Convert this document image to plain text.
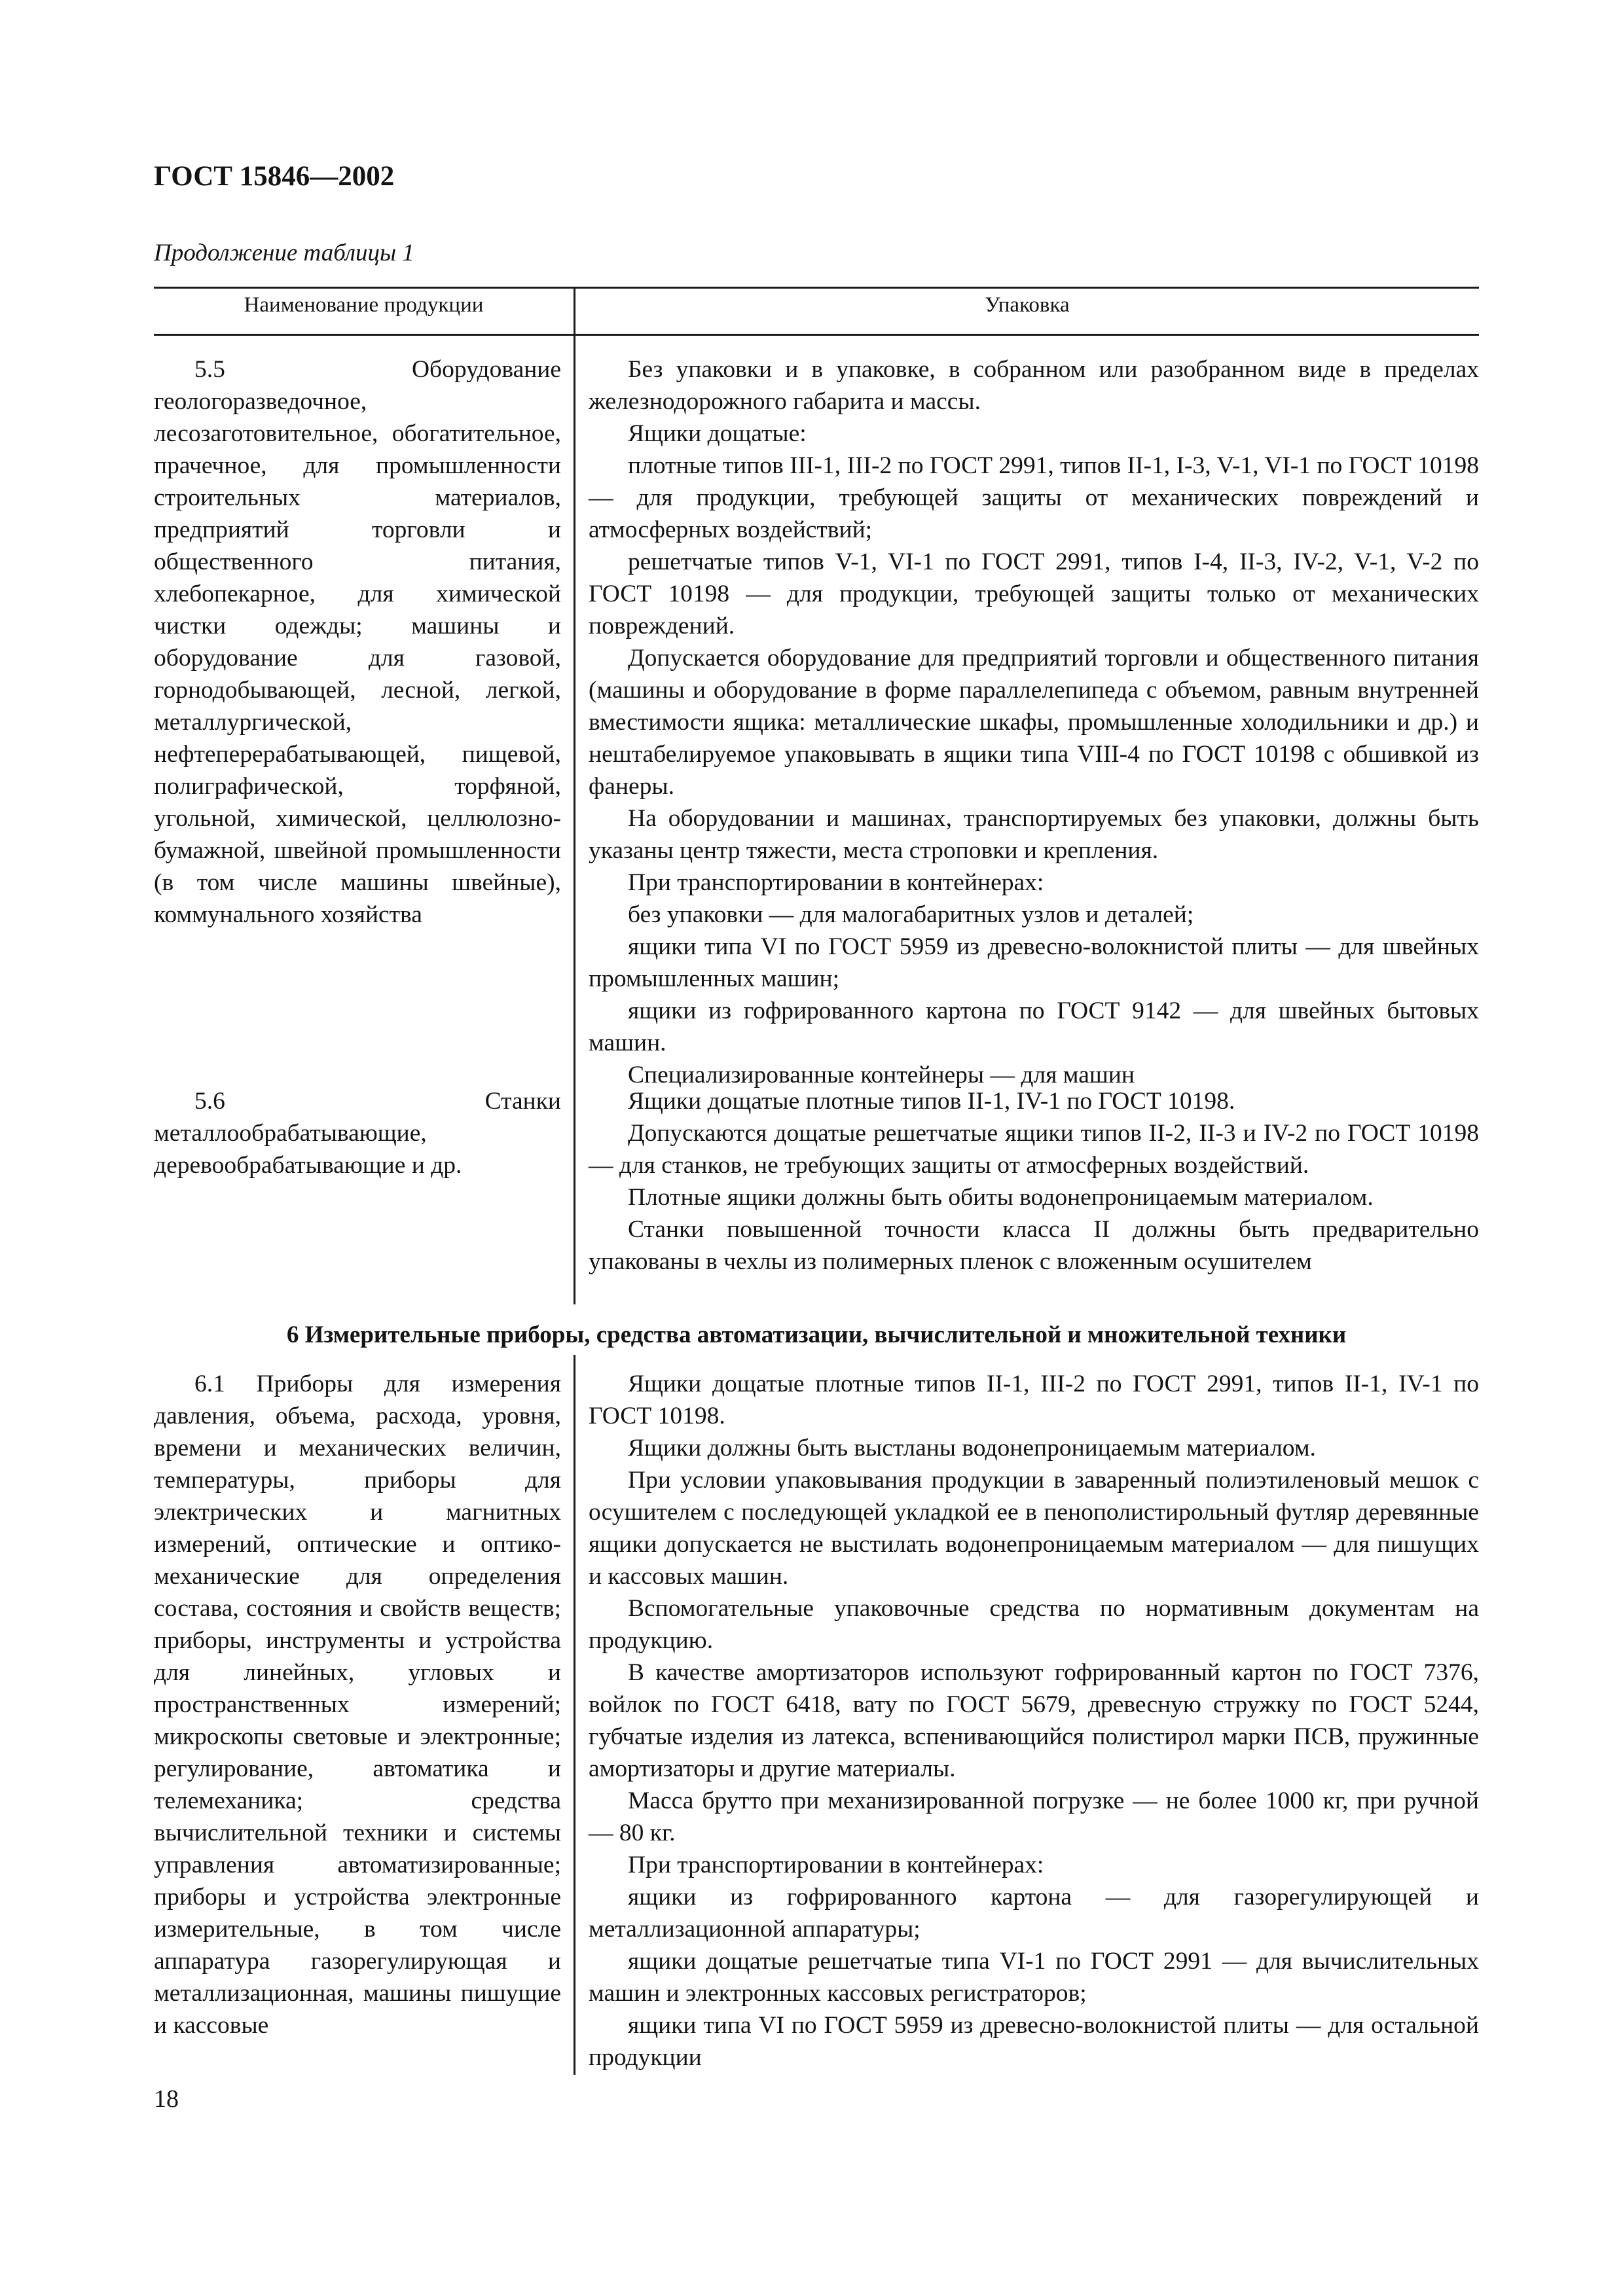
ГОСТ 15846—2002
Продолжение таблицы 1
Наименование продукции	Упаковка

5.5 Оборудование геологоразведочное, лесозаготовительное, обогатительное, прачечное, для промышленности строительных материалов, предприятий торговли и общественного питания, хлебопекарное, для химической чистки одежды; машины и оборудование для газовой, горнодобывающей, лесной, легкой, металлургической, нефтеперерабатывающей, пищевой, полиграфической, торфяной, угольной, химической, целлюлозно-бумажной, швейной промышленности (в том числе машины швейные), коммунального хозяйства

Без упаковки и в упаковке, в собранном или разобранном виде в пределах железнодорожного габарита и массы.

Ящики дощатые:

плотные типов III-1, III-2 по ГОСТ 2991, типов II-1, I-3, V-1, VI-1 по ГОСТ 10198 — для продукции, требующей защиты от механических повреждений и атмосферных воздействий;

решетчатые типов V-1, VI-1 по ГОСТ 2991, типов I-4, II-3, IV-2, V-1, V-2 по ГОСТ 10198 — для продукции, требующей защиты только от механических повреждений.

Допускается оборудование для предприятий торговли и общественного питания (машины и оборудование в форме параллелепипеда с объемом, равным внутренней вместимости ящика: металлические шкафы, промышленные холодильники и др.) и нештабелируемое упаковывать в ящики типа VIII-4 по ГОСТ 10198 с обшивкой из фанеры.

На оборудовании и машинах, транспортируемых без упаковки, должны быть указаны центр тяжести, места строповки и крепления.

При транспортировании в контейнерах:

без упаковки — для малогабаритных узлов и деталей;

ящики типа VI по ГОСТ 5959 из древесно-волокнистой плиты — для швейных промышленных машин;

ящики из гофрированного картона по ГОСТ 9142 — для швейных бытовых машин.

Специализированные контейнеры — для машин

5.6 Станки металлообрабатывающие, деревообрабатывающие и др.

Ящики дощатые плотные типов II-1, IV-1 по ГОСТ 10198.

Допускаются дощатые решетчатые ящики типов II-2, II-3 и IV-2 по ГОСТ 10198 — для станков, не требующих защиты от атмосферных воздействий.

Плотные ящики должны быть обиты водонепроницаемым материалом.

Станки повышенной точности класса II должны быть предварительно упакованы в чехлы из полимерных пленок с вложенным осушителем

6 Измерительные приборы, средства автоматизации, вычислительной и множительной техники

6.1 Приборы для измерения давления, объема, расхода, уровня, времени и механических величин, температуры, приборы для электрических и магнитных измерений, оптические и оптико-механические для определения состава, состояния и свойств веществ; приборы, инструменты и устройства для линейных, угловых и пространственных измерений; микроскопы световые и электронные; регулирование, автоматика и телемеханика; средства вычислительной техники и системы управления автоматизированные; приборы и устройства электронные измерительные, в том числе аппаратура газорегулирующая и металлизационная, машины пишущие и кассовые

Ящики дощатые плотные типов II-1, III-2 по ГОСТ 2991, типов II-1, IV-1 по ГОСТ 10198.

Ящики должны быть выстланы водонепроницаемым материалом.

При условии упаковывания продукции в заваренный полиэтиленовый мешок с осушителем с последующей укладкой ее в пенополистирольный футляр деревянные ящики допускается не выстилать водонепроницаемым материалом — для пишущих и кассовых машин.

Вспомогательные упаковочные средства по нормативным документам на продукцию.

В качестве амортизаторов используют гофрированный картон по ГОСТ 7376, войлок по ГОСТ 6418, вату по ГОСТ 5679, древесную стружку по ГОСТ 5244, губчатые изделия из латекса, вспенивающийся полистирол марки ПСВ, пружинные амортизаторы и другие материалы.

Масса брутто при механизированной погрузке — не более 1000 кг, при ручной — 80 кг.

При транспортировании в контейнерах:

ящики из гофрированного картона — для газорегулирующей и металлизационной аппаратуры;

ящики дощатые решетчатые типа VI-1 по ГОСТ 2991 — для вычислительных машин и электронных кассовых регистраторов;

ящики типа VI по ГОСТ 5959 из древесно-волокнистой плиты — для остальной продукции

18
